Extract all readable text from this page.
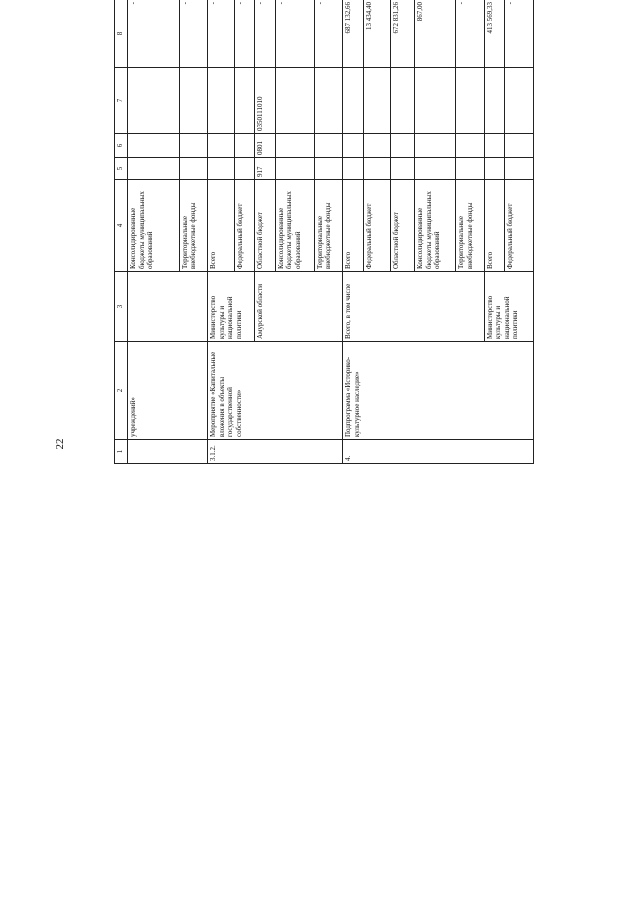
22
1	2	3	4	5	6	7	8					
	учреждений»		Консолидированные бюджеты муниципальных образований				-					
			Территориальные внебюджетные фонды				-					
3.1.2.	Мероприятие «Капитальные вложения в объекты государственной собственности»	Министерство культуры и национальной политики	Всего				-					
			Федеральный бюджет				-					
		Амурской области	Областной бюджет	917	0801	0350111010	-					
			Консолидированные бюджеты муниципальных образований				-					
			Территориальные внебюджетные фонды				-					
4.	Подпрограмма «Историко-культурное наследие»	Всего, в том числе	Всего				687 132,66					
			Федеральный бюджет				13 434,40					
			Областной бюджет				672 831,26					
			Консолидированные бюджеты муниципальных образований				867,00					
			Территориальные внебюджетные фонды				-					
		Министерство культуры и национальной политики	Всего				413 569,33					
			Федеральный бюджет				-					
